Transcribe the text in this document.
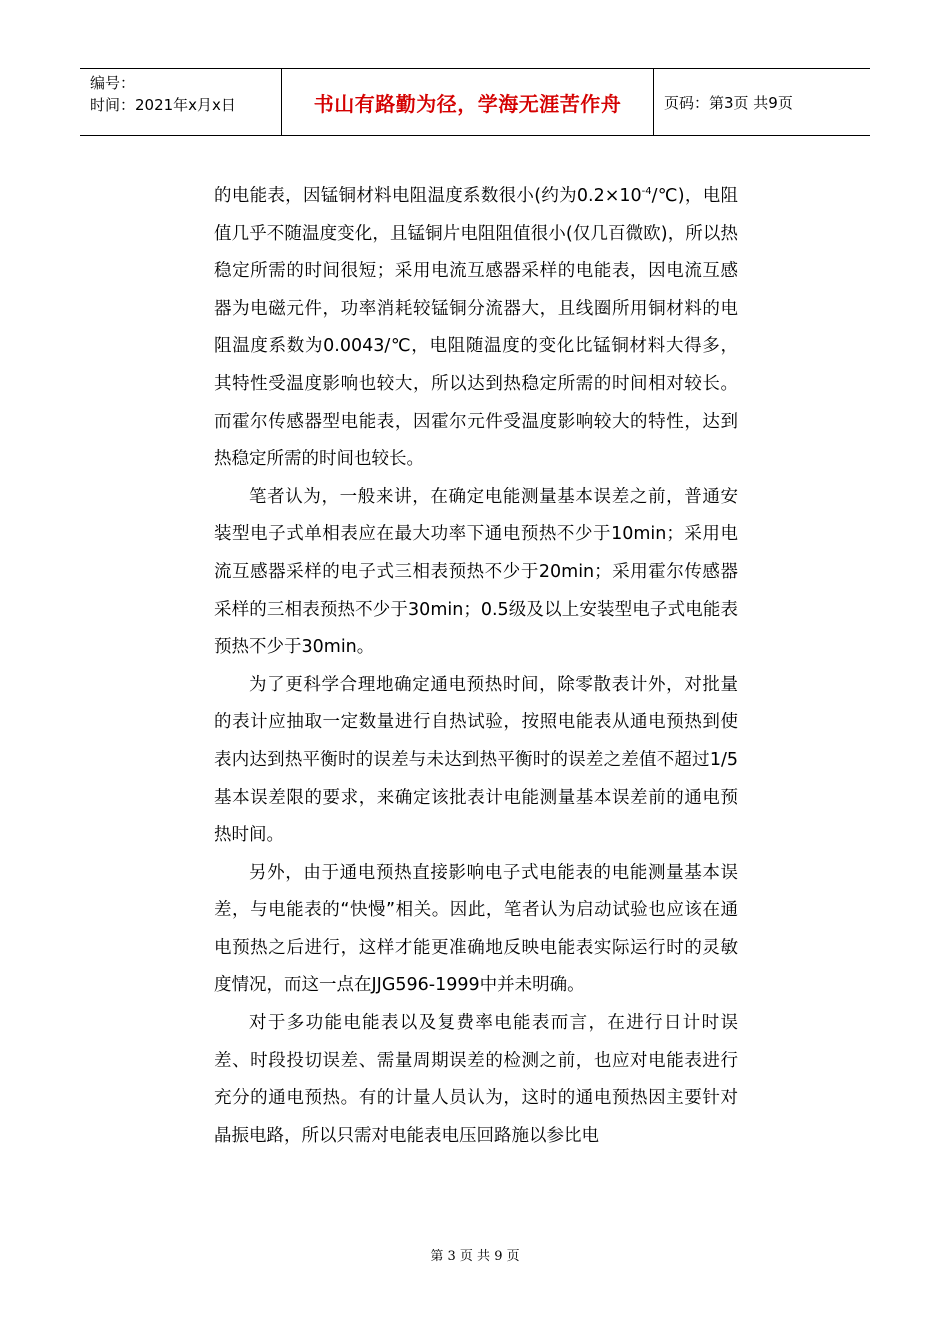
编号：
时间：2021年x月x日	书山有路勤为径，学海无涯苦作舟	页码：第3页 共9页

的电能表，因锰铜材料电阻温度系数很小(约为$0.2\times 10^{-4}/℃$)，电阻值几乎不随温度变化，且锰铜片电阻阻值很小(仅几百微欧)，所以热稳定所需的时间很短；采用电流互感器采样的电能表，因电流互感器为电磁元件，功率消耗较锰铜分流器大，且线圈所用铜材料的电阻温度系数为0.0043/℃，电阻随温度的变化比锰铜材料大得多，其特性受温度影响也较大，所以达到热稳定所需的时间相对较长。而霍尔传感器型电能表，因霍尔元件受温度影响较大的特性，达到热稳定所需的时间也较长。

笔者认为，一般来讲，在确定电能测量基本误差之前，普通安装型电子式单相表应在最大功率下通电预热不少于10min；采用电流互感器采样的电子式三相表预热不少于20min；采用霍尔传感器采样的三相表预热不少于30min；0.5级及以上安装型电子式电能表预热不少于30min。

为了更科学合理地确定通电预热时间，除零散表计外，对批量的表计应抽取一定数量进行自热试验，按照电能表从通电预热到使表内达到热平衡时的误差与未达到热平衡时的误差之差值不超过1/5基本误差限的要求，来确定该批表计电能测量基本误差前的通电预热时间。

另外，由于通电预热直接影响电子式电能表的电能测量基本误差，与电能表的“快慢”相关。因此，笔者认为启动试验也应该在通电预热之后进行，这样才能更准确地反映电能表实际运行时的灵敏度情况，而这一点在JJG596-1999中并未明确。

对于多功能电能表以及复费率电能表而言，在进行日计时误差、时段投切误差、需量周期误差的检测之前，也应对电能表进行充分的通电预热。有的计量人员认为，这时的通电预热因主要针对晶振电路，所以只需对电能表电压回路施以参比电

第 3 页 共 9 页
